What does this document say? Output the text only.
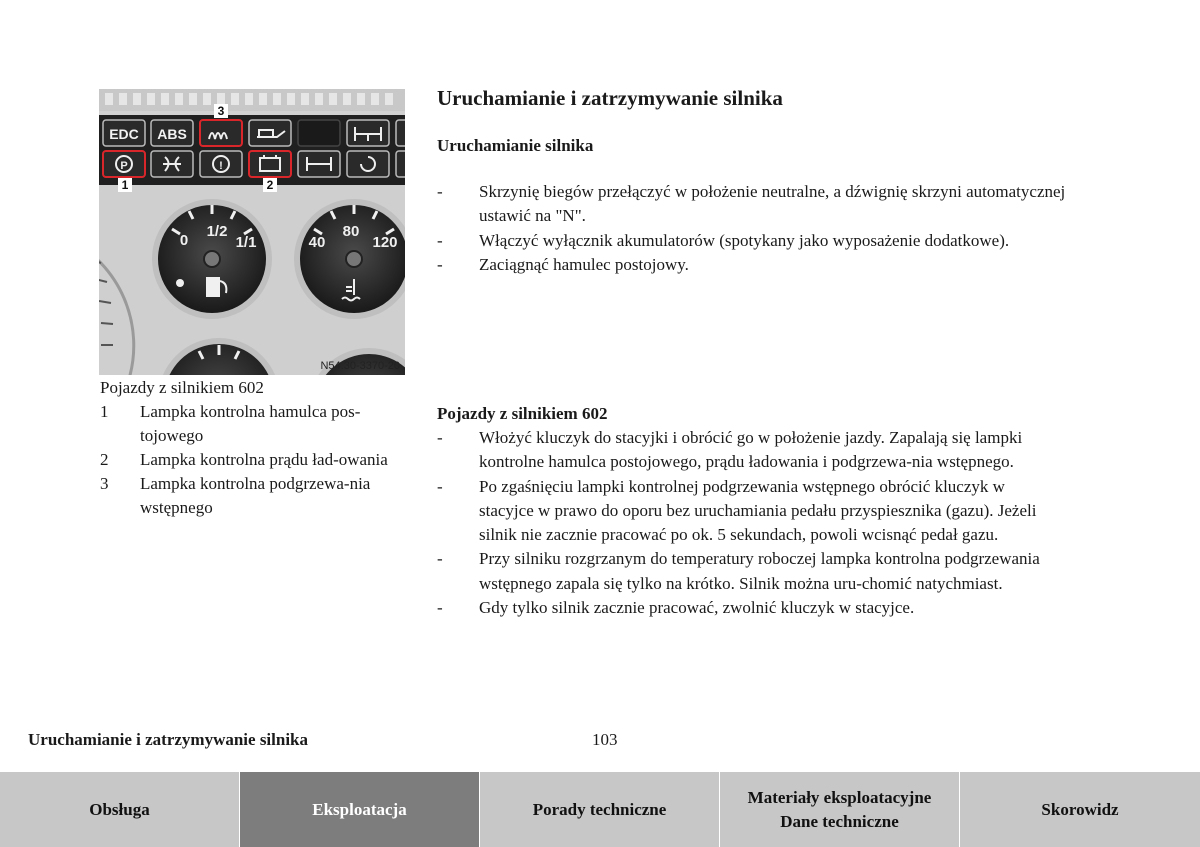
EDC ABS
P	!
0
1/2
1/1	40
80
120
1	2
3
N54.30-3370-20
Pojazdy z silnikiem 602
1	Lampka kontrolna hamulca pos-tojowego
2	Lampka kontrolna prądu ład-owania
3	Lampka kontrolna podgrzewa-nia wstępnego
Uruchamianie i zatrzymywanie silnika
Uruchamianie silnika
-	Skrzynię biegów przełączyć w położenie neutralne, a dźwignię skrzyni automatycznej ustawić na "N".
-	Włączyć wyłącznik akumulatorów (spotykany jako wyposażenie dodatkowe).
-	Zaciągnąć hamulec postojowy.
Pojazdy z silnikiem 602
-	Włożyć kluczyk do stacyjki i obrócić go w położenie jazdy. Zapalają się lampki kontrolne hamulca postojowego, prądu ładowania i podgrzewa-nia wstępnego.
-	Po zgaśnięciu lampki kontrolnej podgrzewania wstępnego obrócić kluczyk w stacyjce w prawo do oporu bez uruchamiania pedału przyspiesznika (gazu). Jeżeli silnik nie zacznie pracować po ok. 5 sekundach, powoli wcisnąć pedał gazu.
-	Przy silniku rozgrzanym do temperatury roboczej lampka kontrolna podgrzewania wstępnego zapala się tylko na krótko. Silnik można uru-chomić natychmiast.
-	Gdy tylko silnik zacznie pracować, zwolnić kluczyk w stacyjce.
Uruchamianie i zatrzymywanie silnika	103
Obsługa	Eksploatacja	Porady techniczne
Materiały eksploatacyjne
Dane techniczne
Skorowidz
